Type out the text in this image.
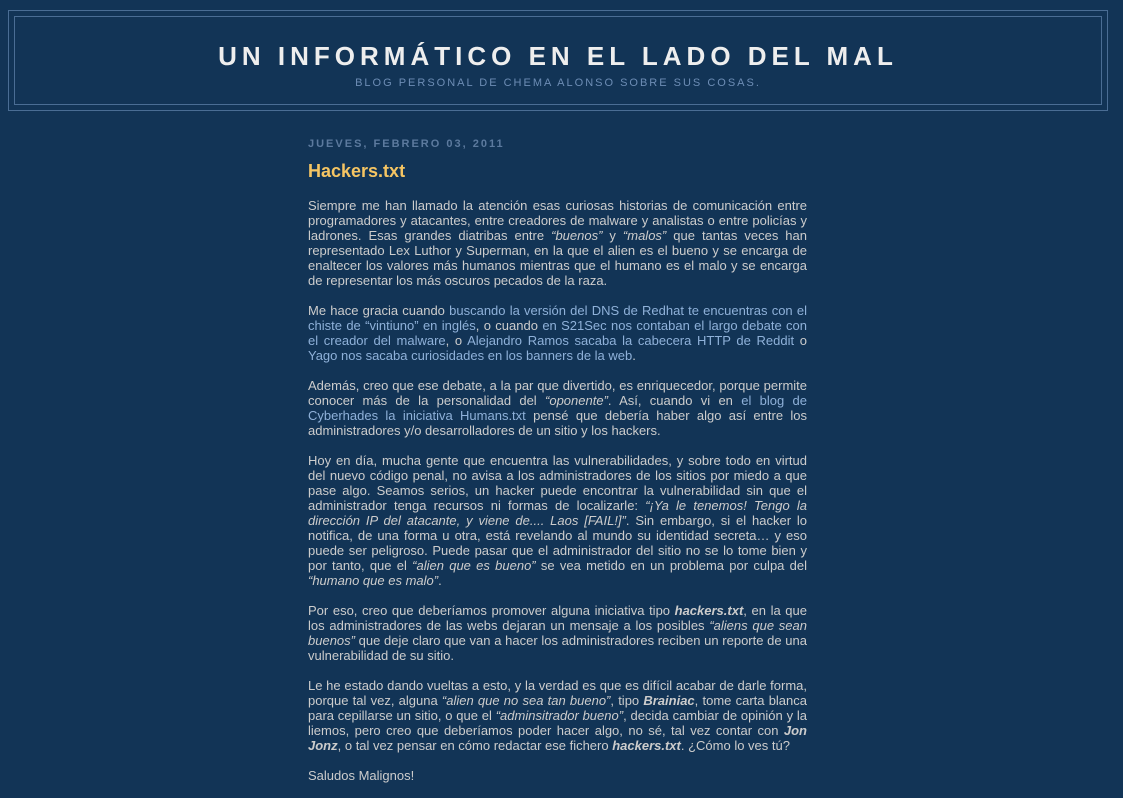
UN INFORMÁTICO EN EL LADO DEL MAL

BLOG PERSONAL DE CHEMA ALONSO SOBRE SUS COSAS.

JUEVES, FEBRERO 03, 2011
Hackers.txt

Siempre me han llamado la atención esas curiosas historias de comunicación entre programadores y atacantes, entre creadores de malware y analistas o entre policías y ladrones. Esas grandes diatribas entre “buenos” y “malos” que tantas veces han representado Lex Luthor y Superman, en la que el alien es el bueno y se encarga de enaltecer los valores más humanos mientras que el humano es el malo y se encarga de representar los más oscuros pecados de la raza.

Me hace gracia cuando buscando la versión del DNS de Redhat te encuentras con el chiste de “vintiuno” en inglés, o cuando en S21Sec nos contaban el largo debate con el creador del malware, o Alejandro Ramos sacaba la cabecera HTTP de Reddit o Yago nos sacaba curiosidades en los banners de la web.

Además, creo que ese debate, a la par que divertido, es enriquecedor, porque permite conocer más de la personalidad del “oponente”. Así, cuando vi en el blog de Cyberhades la iniciativa Humans.txt pensé que debería haber algo así entre los administradores y/o desarrolladores de un sitio y los hackers.

Hoy en día, mucha gente que encuentra las vulnerabilidades, y sobre todo en virtud del nuevo código penal, no avisa a los administradores de los sitios por miedo a que pase algo. Seamos serios, un hacker puede encontrar la vulnerabilidad sin que el administrador tenga recursos ni formas de localizarle: “¡Ya le tenemos! Tengo la dirección IP del atacante, y viene de.... Laos [FAIL!]”. Sin embargo, si el hacker lo notifica, de una forma u otra, está revelando al mundo su identidad secreta… y eso puede ser peligroso. Puede pasar que el administrador del sitio no se lo tome bien y por tanto, que el “alien que es bueno” se vea metido en un problema por culpa del “humano que es malo”.

Por eso, creo que deberíamos promover alguna iniciativa tipo hackers.txt, en la que los administradores de las webs dejaran un mensaje a los posibles “aliens que sean buenos” que deje claro que van a hacer los administradores reciben un reporte de una vulnerabilidad de su sitio.

Le he estado dando vueltas a esto, y la verdad es que es difícil acabar de darle forma, porque tal vez, alguna “alien que no sea tan bueno”, tipo Brainiac, tome carta blanca para cepillarse un sitio, o que el “adminsitrador bueno”, decida cambiar de opinión y la liemos, pero creo que deberíamos poder hacer algo, no sé, tal vez contar con Jon Jonz, o tal vez pensar en cómo redactar ese fichero hackers.txt. ¿Cómo lo ves tú?

Saludos Malignos!
